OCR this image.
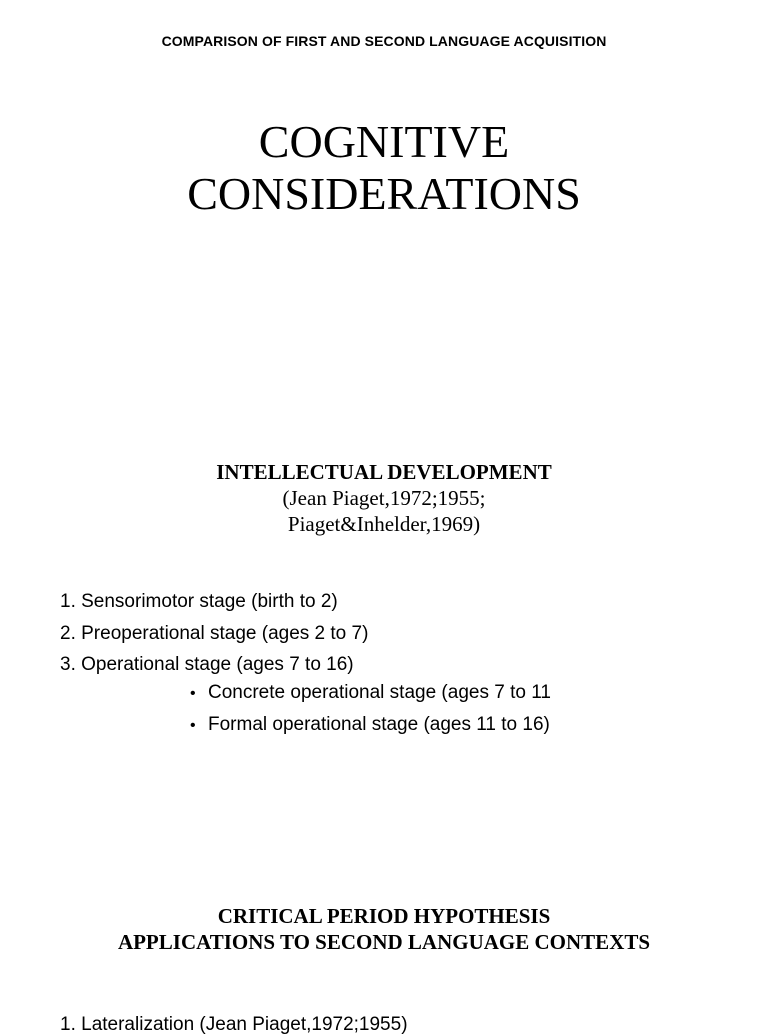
COMPARISON OF FIRST AND SECOND LANGUAGE ACQUISITION
COGNITIVE
CONSIDERATIONS
INTELLECTUAL DEVELOPMENT
(Jean Piaget,1972;1955;
Piaget&Inhelder,1969)
1. Sensorimotor stage (birth to 2)
2. Preoperational stage (ages 2 to 7)
3. Operational stage (ages 7 to 16)
• Concrete operational stage (ages 7 to 11
• Formal operational stage (ages 11 to 16)
CRITICAL PERIOD HYPOTHESIS
APPLICATIONS TO SECOND LANGUAGE CONTEXTS
1. Lateralization (Jean Piaget,1972;1955)
